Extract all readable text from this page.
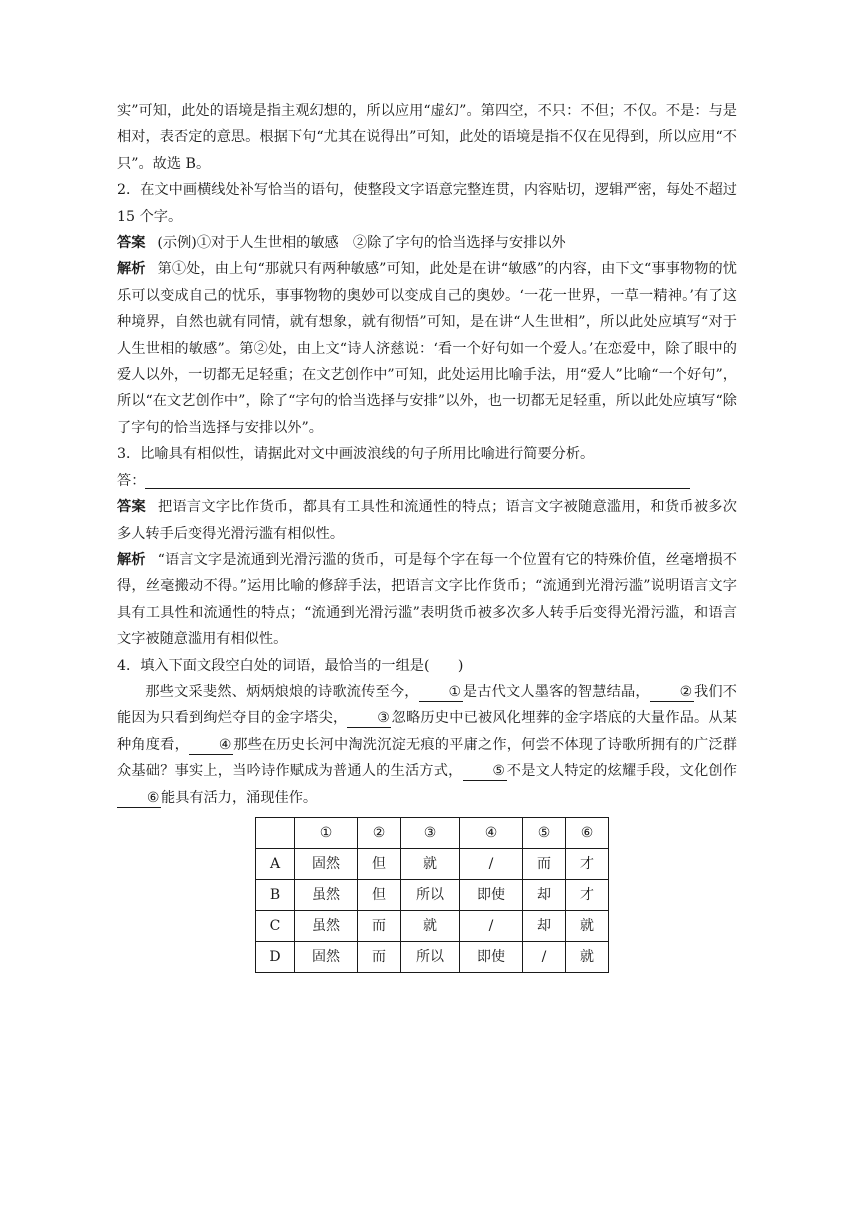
实”可知，此处的语境是指主观幻想的，所以应用“虚幻”。第四空，不只：不但；不仅。不是：与是相对，表否定的意思。根据下句“尤其在说得出”可知，此处的语境是指不仅在见得到，所以应用“不只”。故选 B。

2．在文中画横线处补写恰当的语句，使整段文字语意完整连贯，内容贴切，逻辑严密，每处不超过 15 个字。

答案 (示例)①对于人生世相的敏感　②除了字句的恰当选择与安排以外

解析 第①处，由上句“那就只有两种敏感”可知，此处是在讲“敏感”的内容，由下文“事事物物的忧乐可以变成自己的忧乐，事事物物的奥妙可以变成自己的奥妙。‘一花一世界，一草一精神。’有了这种境界，自然也就有同情，就有想象，就有彻悟”可知，是在讲“人生世相”，所以此处应填写“对于人生世相的敏感”。第②处，由上文“诗人济慈说：‘看一个好句如一个爱人。’在恋爱中，除了眼中的爱人以外，一切都无足轻重；在文艺创作中”可知，此处运用比喻手法，用“爱人”比喻“一个好句”，所以“在文艺创作中”，除了“字句的恰当选择与安排”以外，也一切都无足轻重，所以此处应填写“除了字句的恰当选择与安排以外”。

3．比喻具有相似性，请据此对文中画波浪线的句子所用比喻进行简要分析。

答：

答案 把语言文字比作货币，都具有工具性和流通性的特点；语言文字被随意滥用，和货币被多次多人转手后变得光滑污滥有相似性。

解析 “语言文字是流通到光滑污滥的货币，可是每个字在每一个位置有它的特殊价值，丝毫增损不得，丝毫搬动不得。”运用比喻的修辞手法，把语言文字比作货币；“流通到光滑污滥”说明语言文字具有工具性和流通性的特点；“流通到光滑污滥”表明货币被多次多人转手后变得光滑污滥，和语言文字被随意滥用有相似性。

4．填入下面文段空白处的词语，最恰当的一组是(　　)

那些文采斐然、炳炳烺烺的诗歌流传至今， ①是古代文人墨客的智慧结晶， ②我们不能因为只看到绚烂夺目的金字塔尖， ③忽略历史中已被风化埋葬的金字塔底的大量作品。从某种角度看， ④那些在历史长河中淘洗沉淀无痕的平庸之作，何尝不体现了诗歌所拥有的广泛群众基础？事实上，当吟诗作赋成为普通人的生活方式， ⑤不是文人特定的炫耀手段，文化创作⑥能具有活力，涌现佳作。

	①	②	③	④	⑤	⑥
A	固然	但	就	/	而	才
B	虽然	但	所以	即使	却	才
C	虽然	而	就	/	却	就
D	固然	而	所以	即使	/	就
